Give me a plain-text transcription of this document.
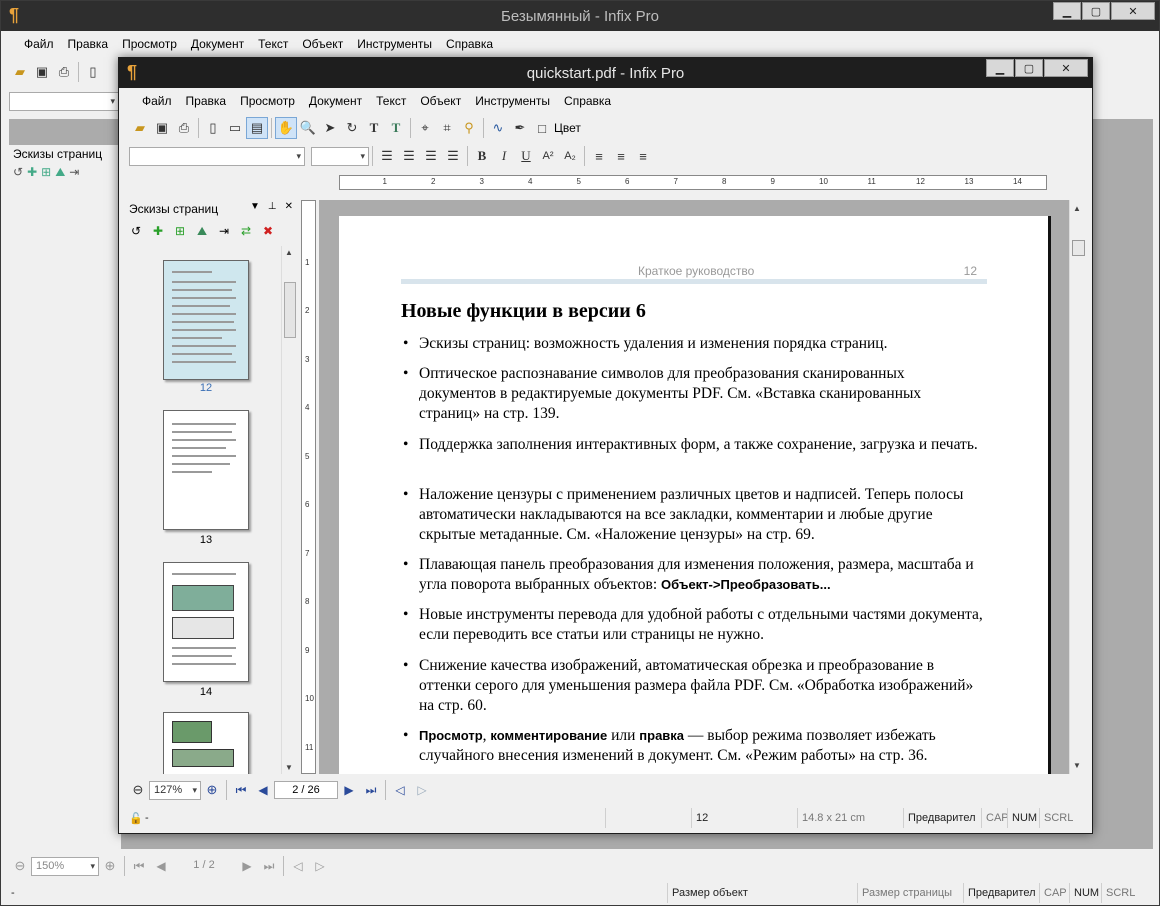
¶	Безымянный - Infix Pro	▁	▢	✕
Файл	Правка	Просмотр	Документ	Текст	Объект	Инструменты	Справка
▰ ▣ ⎙	▯
▾
Эскизы страниц
↺ ✚ ⊞ ⛰ ⇥
⊖ 150% ▾	⊕	⏮ ◀	1 / 2	▶ ⏭	◁	▷
-	Размер объект	Размер страницы	Предварител CAP NUM SCRL
¶	quickstart.pdf - Infix Pro	▁	▢	✕
Файл	Правка	Просмотр	Документ	Текст	Объект	Инструменты	Справка
▰ ▣ ⎙	▯ ▭ ▤	✋ 🔍 ➤ ↻ T	T	⌖	⌗	⚲	∿ ✒ □ Цвет
▾
▾
☰ ☰ ☰ ☰	B	I	U	A² A₂	≡	≡	≡
1	2	3	4	5	6	7	8	9	10	11	12	13	14
Эскизы страниц	▼ ⊥ ✕
↺ ✚ ⊞ ⛰ ⇥ ⇄ ✖
12
13
14
▲
▼
1
2
3
4
5
6
7
8
9
10
11
Краткое руководство	12
Новые функции в версии 6
• Эскизы страниц: возможность удаления и изменения порядка страниц.
• Оптическое распознавание символов для преобразования сканированных документов в редактируемые документы PDF. См. «Вставка сканированных страниц» на стр. 139.
• Поддержка заполнения интерактивных форм, а также сохранение, загрузка и печать.
• Наложение цензуры с применением различных цветов и надписей. Теперь полосы автоматически накладываются на все закладки, комментарии и любые другие скрытые метаданные. См. «Наложение цензуры» на стр. 69.
• Плавающая панель преобразования для изменения положения, размера, масштаба и угла поворота выбранных объектов: Объект->Преобразовать...
• Новые инструменты перевода для удобной работы с отдельными частями документа, если переводить все статьи или страницы не нужно.
• Снижение качества изображений, автоматическая обрезка и преобразование в оттенки серого для уменьшения размера файла PDF. См. «Обработка изображений» на стр. 60.
• Просмотр, комментирование или правка — выбор режима позволяет избежать случайного внесения изменений в документ. См. «Режим работы» на стр. 36.
▲
▼
⊖ 127% ▾	⊕	⏮ ◀	2 / 26	▶ ⏭	◁	▷
🔓 -	12	14.8 x 21 cm	Предварител CAP NUM SCRL
